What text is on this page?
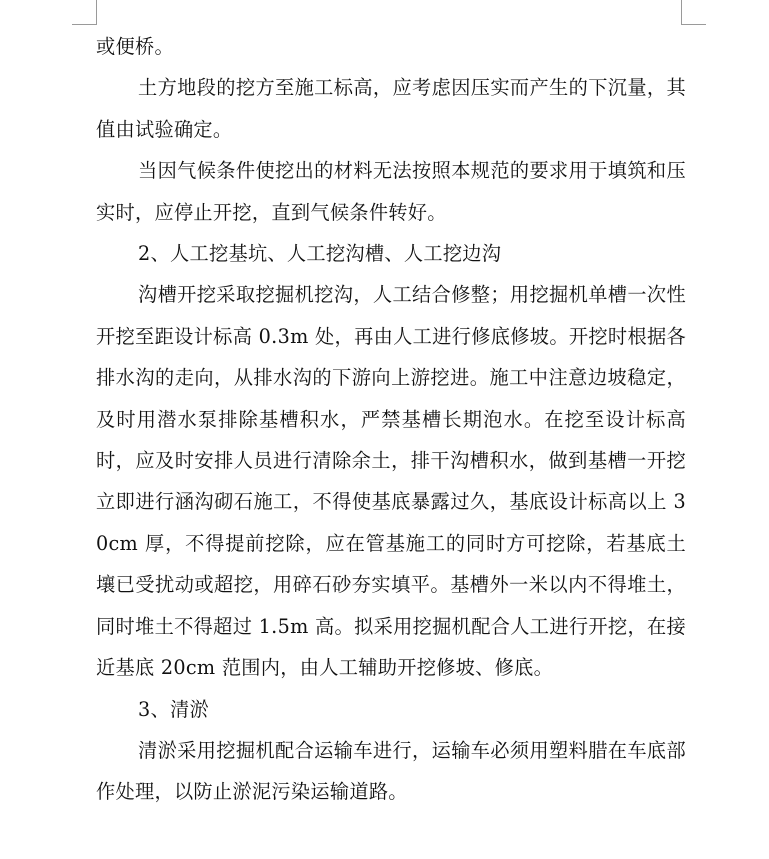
或便桥。

土方地段的挖方至施工标高，应考虑因压实而产生的下沉量，其值由试验确定。

当因气候条件使挖出的材料无法按照本规范的要求用于填筑和压实时，应停止开挖，直到气候条件转好。

2、人工挖基坑、人工挖沟槽、人工挖边沟

沟槽开挖采取挖掘机挖沟，人工结合修整；用挖掘机单槽一次性开挖至距设计标高 0.3m 处，再由人工进行修底修坡。开挖时根据各排水沟的走向，从排水沟的下游向上游挖进。施工中注意边坡稳定，及时用潜水泵排除基槽积水，严禁基槽长期泡水。在挖至设计标高时，应及时安排人员进行清除余土，排干沟槽积水，做到基槽一开挖立即进行涵沟砌石施工，不得使基底暴露过久，基底设计标高以上 30cm 厚，不得提前挖除，应在管基施工的同时方可挖除，若基底土壤已受扰动或超挖，用碎石砂夯实填平。基槽外一米以内不得堆土，同时堆土不得超过 1.5m 高。拟采用挖掘机配合人工进行开挖，在接近基底 20cm 范围内，由人工辅助开挖修坡、修底。

3、清淤

清淤采用挖掘机配合运输车进行，运输车必须用塑料腊在车底部作处理，以防止淤泥污染运输道路。
